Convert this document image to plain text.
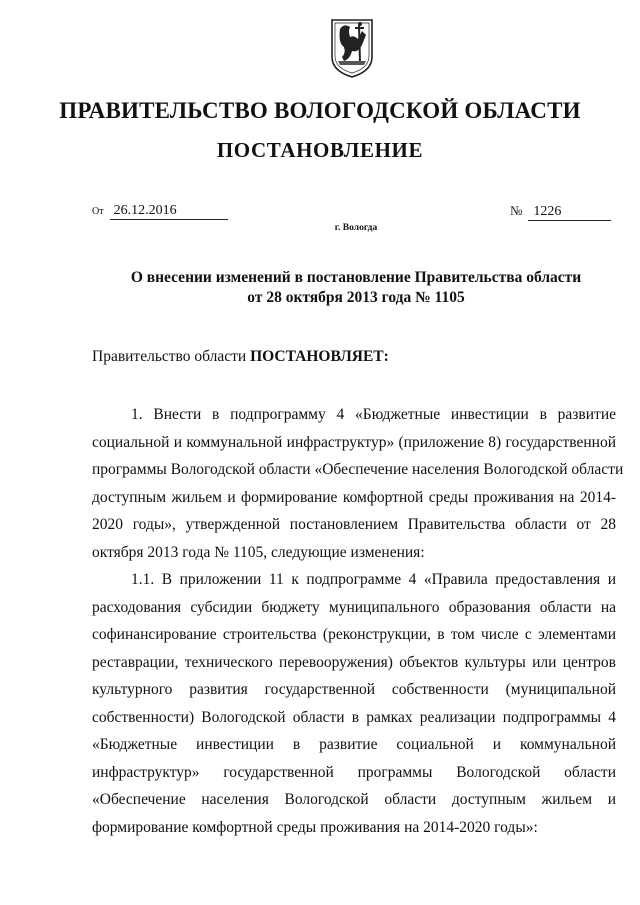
ПРАВИТЕЛЬСТВО ВОЛОГОДСКОЙ ОБЛАСТИ
ПОСТАНОВЛЕНИЕ
От 26.12.2016	№ 1226
г. Вологда
О внесении изменений в постановление Правительства области
от 28 октября 2013 года № 1105
Правительство области ПОСТАНОВЛЯЕТ:
1. Внести в подпрограмму 4 «Бюджетные инвестиции в развитие
социальной и коммунальной инфраструктур» (приложение 8) государственной
программы Вологодской области «Обеспечение населения Вологодской области
доступным жильем и формирование комфортной среды проживания на 2014-
2020 годы», утвержденной постановлением Правительства области от 28
октября 2013 года № 1105, следующие изменения:
1.1. В приложении 11 к подпрограмме 4 «Правила предоставления и
расходования субсидии бюджету муниципального образования области на
софинансирование строительства (реконструкции, в том числе с элементами
реставрации, технического перевооружения) объектов культуры или центров
культурного развития государственной собственности (муниципальной
собственности) Вологодской области в рамках реализации подпрограммы 4
«Бюджетные инвестиции в развитие социальной и коммунальной
инфраструктур» государственной программы Вологодской области
«Обеспечение населения Вологодской области доступным жильем и
формирование комфортной среды проживания на 2014-2020 годы»:
